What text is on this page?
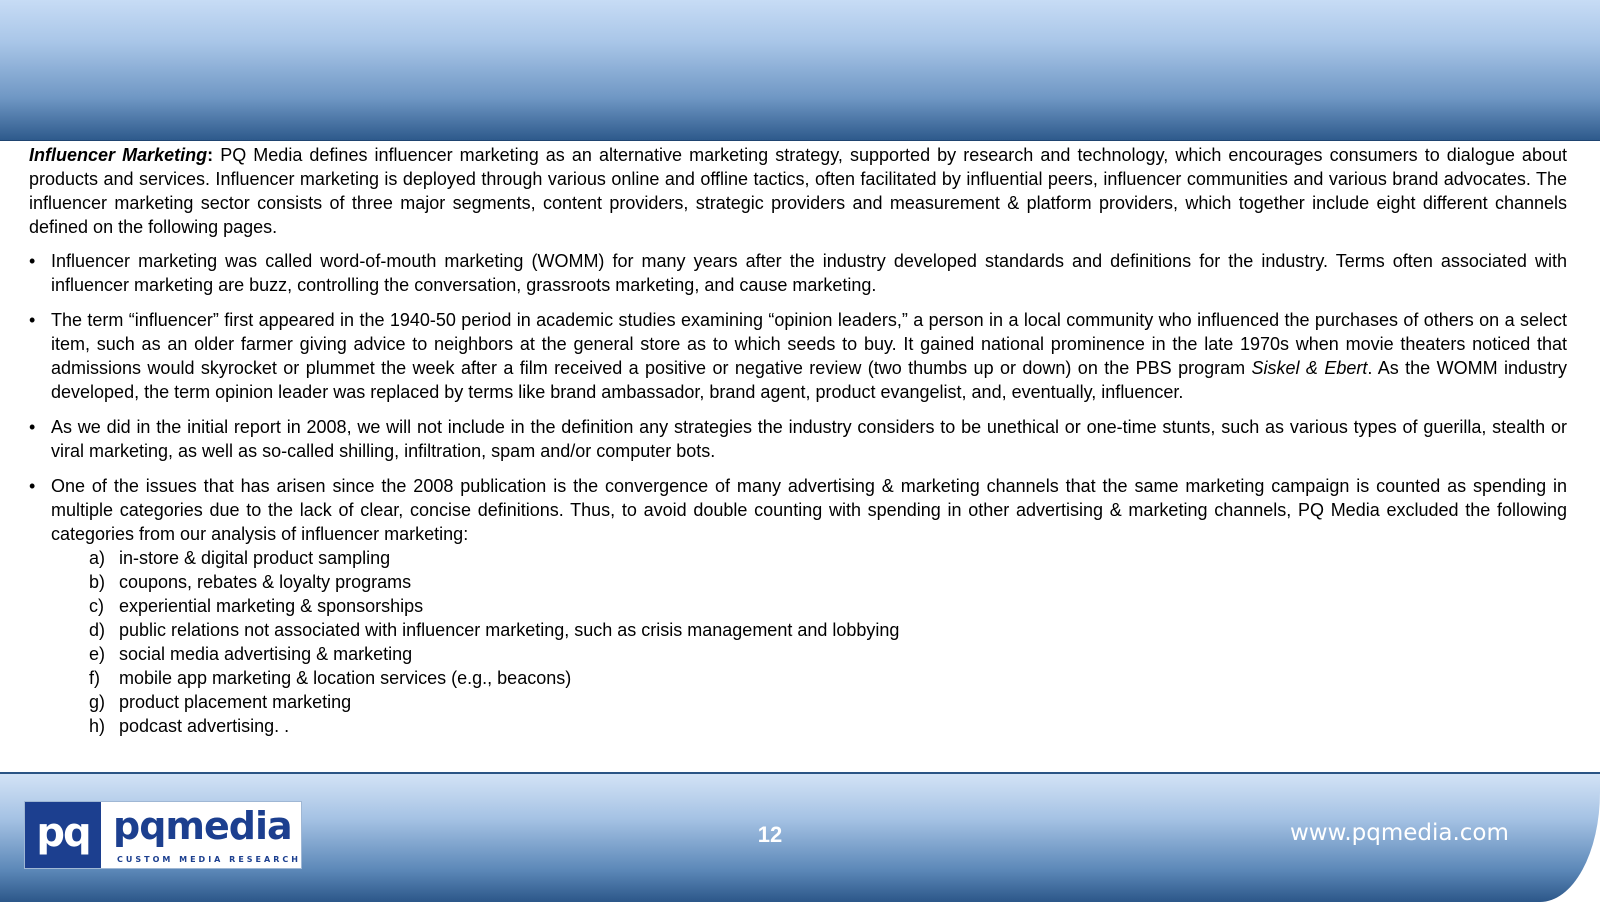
Influencer Marketing: PQ Media defines influencer marketing as an alternative marketing strategy, supported by research and technology, which encourages consumers to dialogue about products and services. Influencer marketing is deployed through various online and offline tactics, often facilitated by influential peers, influencer communities and various brand advocates. The influencer marketing sector consists of three major segments, content providers, strategic providers and measurement & platform providers, which together include eight different channels defined on the following pages.

• Influencer marketing was called word-of-mouth marketing (WOMM) for many years after the industry developed standards and definitions for the industry. Terms often associated with influencer marketing are buzz, controlling the conversation, grassroots marketing, and cause marketing.
• The term “influencer” first appeared in the 1940-50 period in academic studies examining “opinion leaders,” a person in a local community who influenced the purchases of others on a select item, such as an older farmer giving advice to neighbors at the general store as to which seeds to buy. It gained national prominence in the late 1970s when movie theaters noticed that admissions would skyrocket or plummet the week after a film received a positive or negative review (two thumbs up or down) on the PBS program Siskel & Ebert. As the WOMM industry developed, the term opinion leader was replaced by terms like brand ambassador, brand agent, product evangelist, and, eventually, influencer.
• As we did in the initial report in 2008, we will not include in the definition any strategies the industry considers to be unethical or one-time stunts, such as various types of guerilla, stealth or viral marketing, as well as so-called shilling, infiltration, spam and/or computer bots.
• One of the issues that has arisen since the 2008 publication is the convergence of many advertising & marketing channels that the same marketing campaign is counted as spending in multiple categories due to the lack of clear, concise definitions. Thus, to avoid double counting with spending in other advertising & marketing channels, PQ Media excluded the following categories from our analysis of influencer marketing:
a) in-store & digital product sampling
b) coupons, rebates & loyalty programs
c) experiential marketing & sponsorships
d) public relations not associated with influencer marketing, such as crisis management and lobbying
e) social media advertising & marketing
f)	mobile app marketing & location services (e.g., beacons)
g) product placement marketing
h) podcast advertising. .
pq pqmedia
CUSTOM MEDIA RESEARCH
12	www.pqmedia.com
